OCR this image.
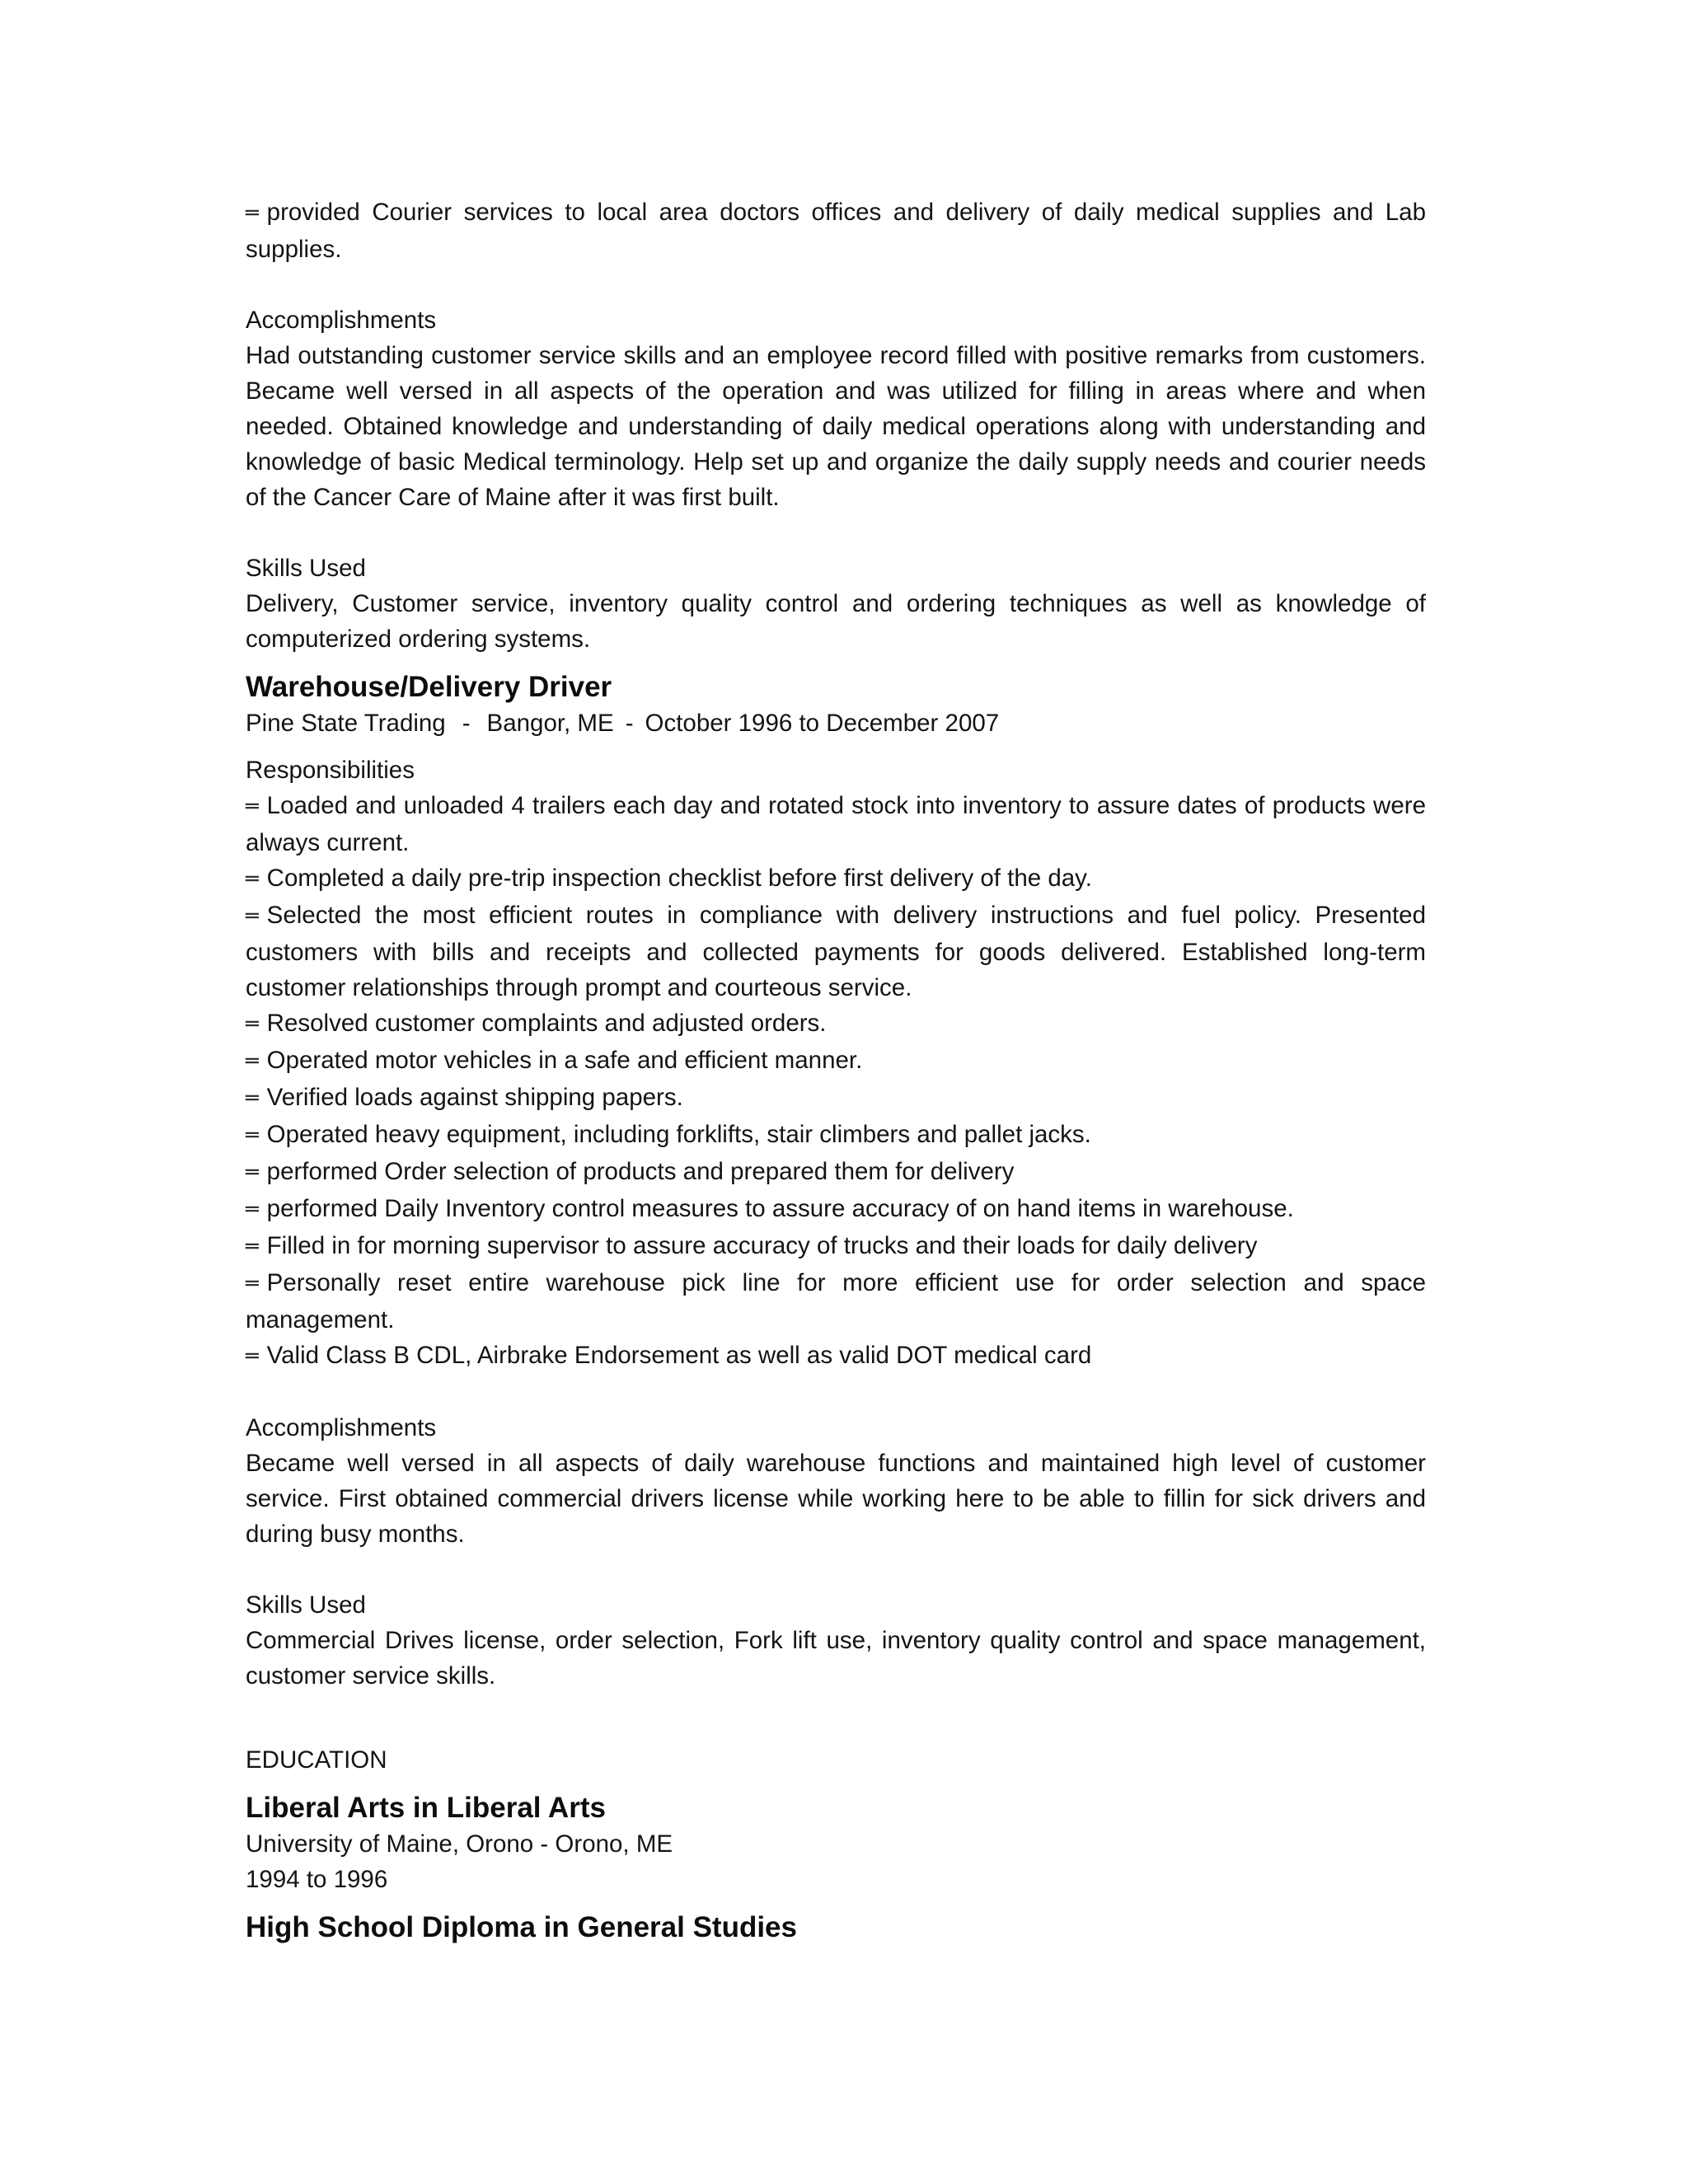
═ provided Courier services to local area doctors offices and delivery of daily medical supplies and Lab supplies.

Accomplishments

Had outstanding customer service skills and an employee record filled with positive remarks from customers. Became well versed in all aspects of the operation and was utilized for filling in areas where and when needed. Obtained knowledge and understanding of daily medical operations along with understanding and knowledge of basic Medical terminology. Help set up and organize the daily supply needs and courier needs of the Cancer Care of Maine after it was first built.

Skills Used

Delivery, Customer service, inventory quality control and ordering techniques as well as knowledge of computerized ordering systems.

Warehouse/Delivery Driver

Pine State Trading - Bangor, ME - October 1996 to December 2007

Responsibilities

═ Loaded and unloaded 4 trailers each day and rotated stock into inventory to assure dates of products were always current.

═ Completed a daily pre-trip inspection checklist before first delivery of the day.

═ Selected the most efficient routes in compliance with delivery instructions and fuel policy. Presented customers with bills and receipts and collected payments for goods delivered. Established long-term customer relationships through prompt and courteous service.

═ Resolved customer complaints and adjusted orders.

═ Operated motor vehicles in a safe and efficient manner.

═ Verified loads against shipping papers.

═ Operated heavy equipment, including forklifts, stair climbers and pallet jacks.

═ performed Order selection of products and prepared them for delivery

═ performed Daily Inventory control measures to assure accuracy of on hand items in warehouse.

═ Filled in for morning supervisor to assure accuracy of trucks and their loads for daily delivery

═ Personally reset entire warehouse pick line for more efficient use for order selection and space management.

═ Valid Class B CDL, Airbrake Endorsement as well as valid DOT medical card

Accomplishments

Became well versed in all aspects of daily warehouse functions and maintained high level of customer service. First obtained commercial drivers license while working here to be able to fillin for sick drivers and during busy months.

Skills Used

Commercial Drives license, order selection, Fork lift use, inventory quality control and space management, customer service skills.

EDUCATION

Liberal Arts in Liberal Arts

University of Maine, Orono - Orono, ME

1994 to 1996

High School Diploma in General Studies
